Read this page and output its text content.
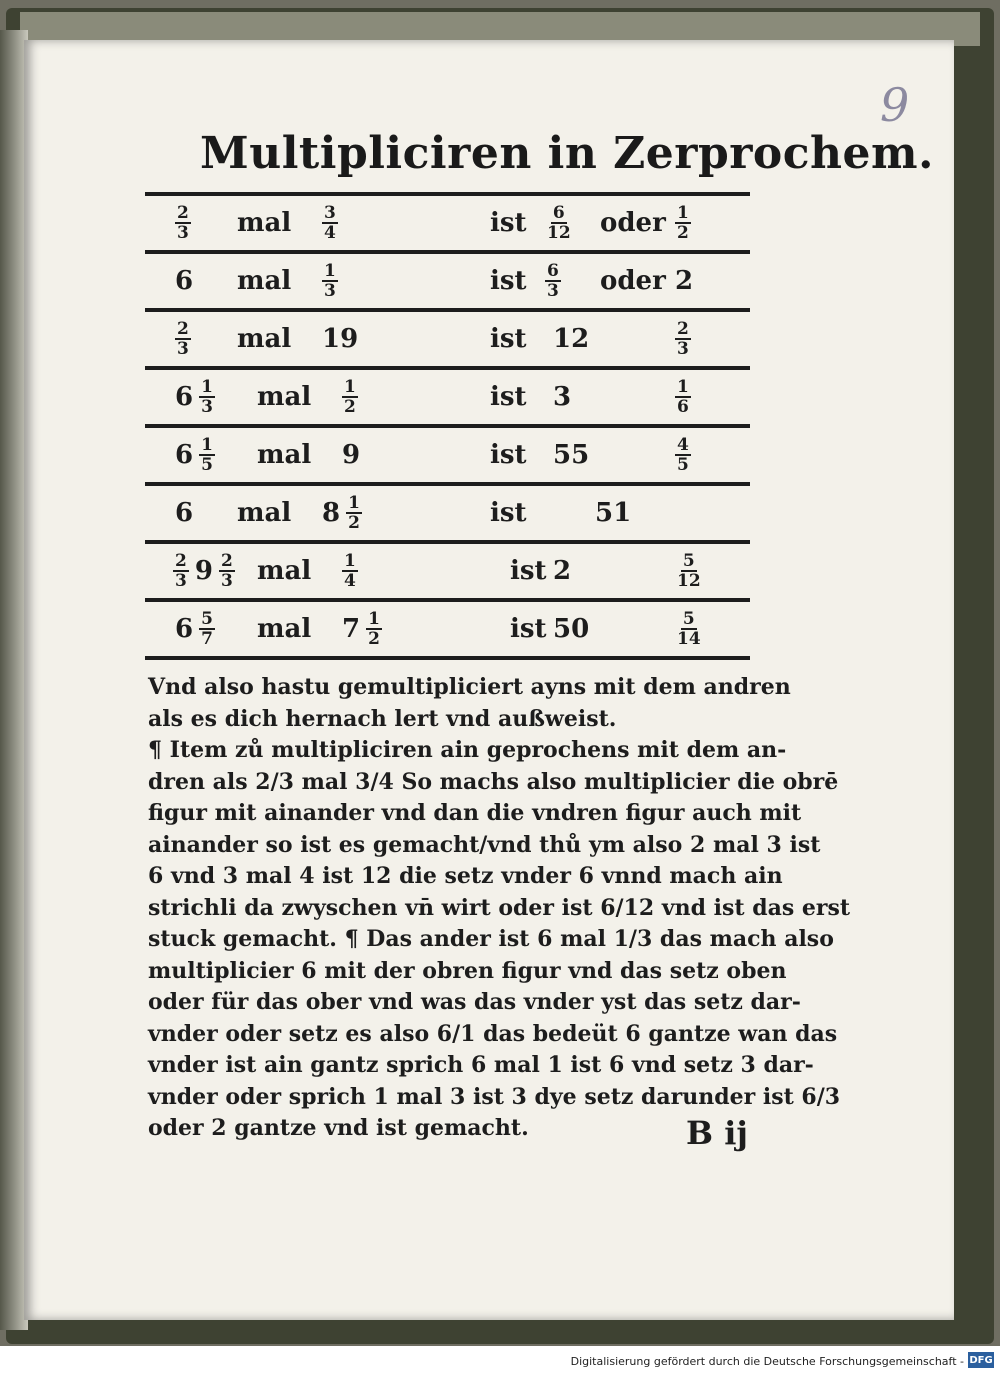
9
Multipliciren in Zerprochem.
$\frac{2}{3}$ mal $\frac{3}{4}$	ist $\frac{6}{12}$ oder $\frac{1}{2}$
6 mal $\frac{1}{3}$	ist $\frac{6}{3}$ oder 2
$\frac{2}{3}$ mal 19	ist 12	$\frac{2}{3}$
$6 \frac{1}{3}$ mal $\frac{1}{2}$	ist 3	$\frac{1}{6}$
$6 \frac{1}{5}$ mal 9	ist 55	$\frac{4}{5}$
6 mal $8 \frac{1}{2}$	ist	51
$\frac{2}{3} 9 \frac{2}{3}$ mal $\frac{1}{4}$	ist 2	$\frac{5}{12}$
$6 \frac{5}{7}$ mal $7 \frac{1}{2}$	ist 50	$\frac{5}{14}$

Vnd also hastu gemultipliciert ayns mit dem andren

als es dich hernach lert vnd außweist.

¶ Item zů multipliciren ain geprochens mit dem an-

dren als 2/3 mal 3/4 So machs also multiplicier die obrē

figur mit ainander vnd dan die vndren figur auch mit

ainander so ist es gemacht/vnd thů ym also 2 mal 3 ist

6 vnd 3 mal 4 ist 12 die setz vnder 6 vnnd mach ain

strichli da zwyschen vn̄ wirt oder ist 6/12 vnd ist das erst

stuck gemacht. ¶ Das ander ist 6 mal 1/3 das mach also

multiplicier 6 mit der obren figur vnd das setz oben

oder für das ober vnd was das vnder yst das setz dar-

vnder oder setz es also 6/1 das bedeüt 6 gantze wan das

vnder ist ain gantz sprich 6 mal 1 ist 6 vnd setz 3 dar-

vnder oder sprich 1 mal 3 ist 3 dye setz darunder ist 6/3

oder 2 gantze vnd ist gemacht.	B ij
Digitalisierung gefördert durch die Deutsche Forschungsgemeinschaft - DFG
